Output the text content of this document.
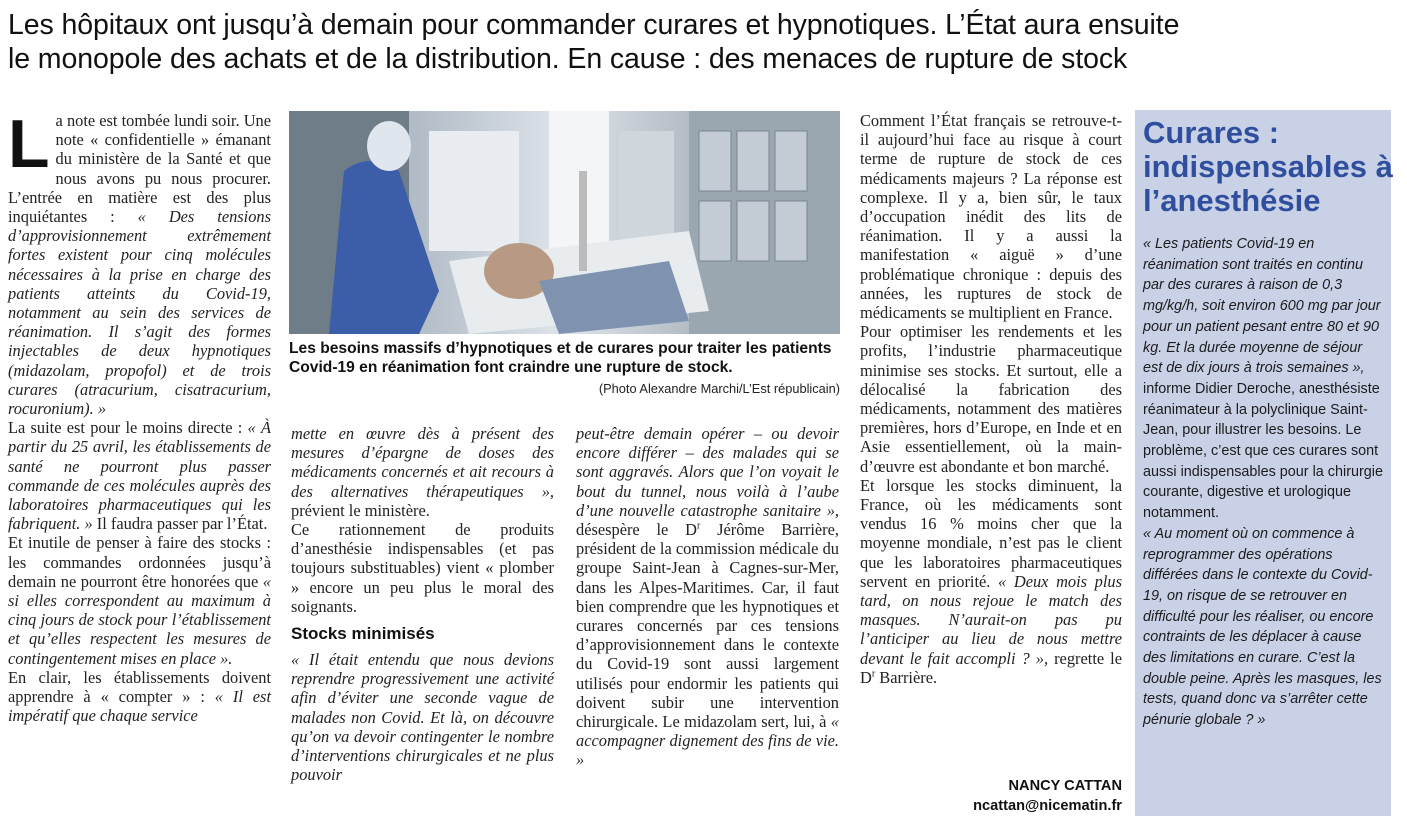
Les hôpitaux ont jusqu’à demain pour commander curares et hypnotiques. L’État aura ensuite
le monopole des achats et de la distribution. En cause : des menaces de rupture de stock

La note est tombée lundi soir. Une note « confidentielle » émanant du ministère de la Santé et que nous avons pu nous procurer. L’entrée en matière est des plus inquiétantes : « Des tensions d’approvisionnement extrêmement fortes existent pour cinq molécules nécessaires à la prise en charge des patients atteints du Covid-19, notamment au sein des services de réanimation. Il s’agit des formes injectables de deux hypnotiques (midazolam, propofol) et de trois curares (atracurium, cisatracurium, rocuronium). »

La suite est pour le moins directe : « À partir du 25 avril, les établissements de santé ne pourront plus passer commande de ces molécules auprès des laboratoires pharmaceutiques qui les fabriquent. » Il faudra passer par l’État.

Et inutile de penser à faire des stocks : les commandes ordonnées jusqu’à demain ne pourront être honorées que « si elles correspondent au maximum à cinq jours de stock pour l’établissement et qu’elles respectent les mesures de contingentement mises en place ».

En clair, les établissements doivent apprendre à « compter » : « Il est impératif que chaque service

Les besoins massifs d’hypnotiques et de curares pour traiter les patients Covid-19 en réanimation font craindre une rupture de stock.
(Photo Alexandre Marchi/L’Est républicain)

mette en œuvre dès à présent des mesures d’épargne de doses des médicaments concernés et ait recours à des alternatives thérapeutiques », prévient le ministère.

Ce rationnement de produits d’anesthésie indispensables (et pas toujours substituables) vient « plomber » encore un peu plus le moral des soignants.

Stocks minimisés

« Il était entendu que nous devions reprendre progressivement une activité afin d’éviter une seconde vague de malades non Covid. Et là, on découvre qu’on va devoir contingenter le nombre d’interventions chirurgicales et ne plus pouvoir

peut-être demain opérer – ou devoir encore différer – des malades qui se sont aggravés. Alors que l’on voyait le bout du tunnel, nous voilà à l’aube d’une nouvelle catastrophe sanitaire », désespère le $D^r$ Jérôme Barrière, président de la commission médicale du groupe Saint-Jean à Cagnes-sur-Mer, dans les Alpes-Maritimes. Car, il faut bien comprendre que les hypnotiques et curares concernés par ces tensions d’approvisionnement dans le contexte du Covid-19 sont aussi largement utilisés pour endormir les patients qui doivent subir une intervention chirurgicale. Le midazolam sert, lui, à « accompagner dignement des fins de vie. »

Comment l’État français se retrouve-t-il aujourd’hui face au risque à court terme de rupture de stock de ces médicaments majeurs ? La réponse est complexe. Il y a, bien sûr, le taux d’occupation inédit des lits de réanimation. Il y a aussi la manifestation « aiguë » d’une problématique chronique : depuis des années, les ruptures de stock de médicaments se multiplient en France.

Pour optimiser les rendements et les profits, l’industrie pharmaceutique minimise ses stocks. Et surtout, elle a délocalisé la fabrication des médicaments, notamment des matières premières, hors d’Europe, en Inde et en Asie essentiellement, où la main-d’œuvre est abondante et bon marché.

Et lorsque les stocks diminuent, la France, où les médicaments sont vendus 16 % moins cher que la moyenne mondiale, n’est pas le client que les laboratoires pharmaceutiques servent en priorité. « Deux mois plus tard, on nous rejoue le match des masques. N’aurait-on pas pu l’anticiper au lieu de nous mettre devant le fait accompli ? », regrette le $D^r$ Barrière.

NANCY CATTAN
ncattan@nicematin.fr
Curares : indispensables à l’anesthésie
« Les patients Covid-19 en réanimation sont traités en continu par des curares à raison de 0,3 mg/kg/h, soit environ 600 mg par jour pour un patient pesant entre 80 et 90 kg. Et la durée moyenne de séjour est de dix jours à trois semaines », informe Didier Deroche, anesthésiste réanimateur à la polyclinique Saint-Jean, pour illustrer les besoins. Le problème, c’est que ces curares sont aussi indispensables pour la chirurgie courante, digestive et urologique notamment.
« Au moment où on commence à reprogrammer des opérations différées dans le contexte du Covid-19, on risque de se retrouver en difficulté pour les réaliser, ou encore contraints de les déplacer à cause des limitations en curare. C’est la double peine. Après les masques, les tests, quand donc va s’arrêter cette pénurie globale ? »
